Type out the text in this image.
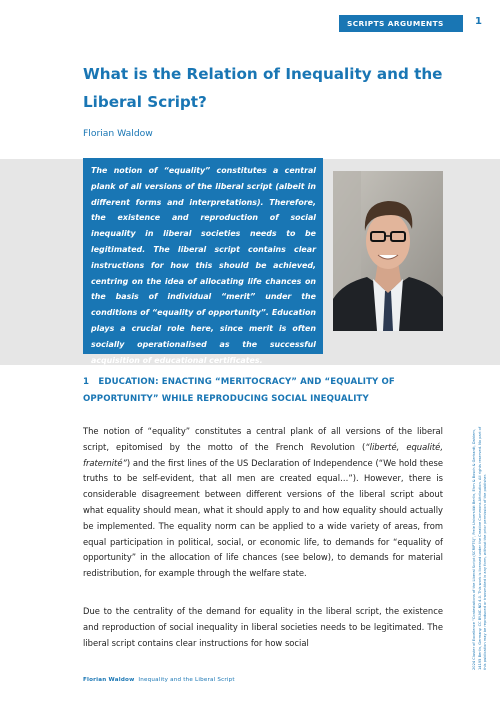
SCRIPTS ARGUMENTS	1
What is the Relation of Inequality and the Liberal Script?
Florian Waldow
The notion of “equality” constitutes a central plank of all versions of the liberal script (albeit in different forms and interpretations). Therefore, the existence and reproduction of social inequality in liberal societies needs to be legitimated. The liberal script contains clear instructions for how this should be achieved, centring on the idea of allocating life chances on the basis of individual “merit” under the conditions of “equality of opportunity”. Education plays a crucial role here, since merit is often socially operationalised as the successful acquisition of educational certificates.
1 EDUCATION: ENACTING “MERITOCRACY” AND “EQUALITY OF OPPORTUNITY” WHILE REPRODUCING SOCIAL INEQUALITY
The notion of “equality” constitutes a central plank of all versions of the liberal script, epitomised by the motto of the French Revolution (“liberté, equalité, fraternité”) and the first lines of the US Declaration of Independence (“We hold these truths to be self-evident, that all men are created equal…”). However, there is considerable disagreement between different versions of the liberal script about what equality should mean, what it should apply to and how equality should actually be implemented. The equality norm can be applied to a wide variety of areas, from equal participation in political, social, or economic life, to demands for “equality of opportunity” in the allocation of life chances (see below), to demands for material redistribution, for example through the welfare state.
Due to the centrality of the demand for equality in the liberal script, the existence and reproduction of social inequality in liberal societies needs to be legitimated. The liberal script contains clear instructions for how social	2024 Cluster of Excellence “Contestations of the Liberal Script (SCRIPTS)”, Freie Universität Berlin, Ehm & Bosch & Gerhardt, Dahlem, 14195 Berlin, Germany. CC BY-NC-ND 4.0. This work is licensed under the Creative Commons Attribution. All rights reserved. No part of this publication may be reproduced or transmitted in any form, without the prior permission of the publisher.
Florian Waldow Inequality and the Liberal Script
